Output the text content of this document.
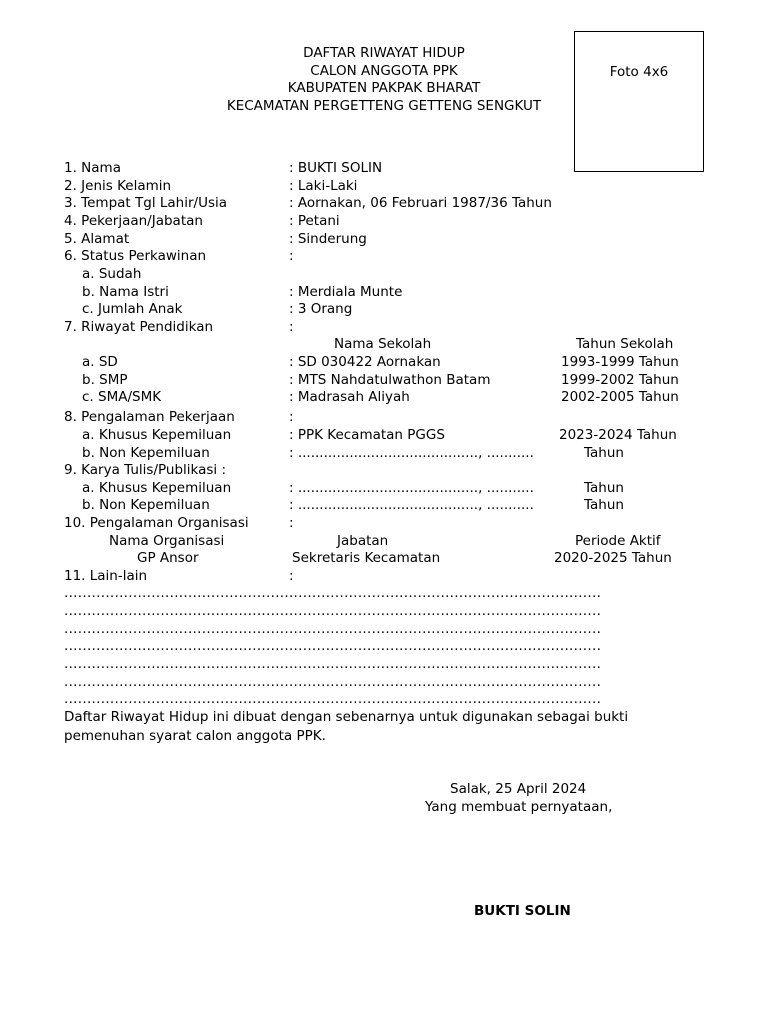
DAFTAR RIWAYAT HIDUP
CALON ANGGOTA PPK
KABUPATEN PAKPAK BHARAT
KECAMATAN PERGETTENG GETTENG SENGKUT
Foto 4x6
1. Nama	: BUKTI SOLIN
2. Jenis Kelamin	: Laki-Laki
3. Tempat Tgl Lahir/Usia	: Aornakan, 06 Februari 1987/36 Tahun
4. Pekerjaan/Jabatan	: Petani
5. Alamat	: Sinderung
6. Status Perkawinan	:
a. Sudah
b. Nama Istri	: Merdiala Munte
c. Jumlah Anak	: 3 Orang
7. Riwayat Pendidikan	:
Nama Sekolah	Tahun Sekolah
a. SD	: SD 030422 Aornakan	1993-1999 Tahun
b. SMP	: MTS Nahdatulwathon Batam	1999-2002 Tahun
c. SMA/SMK	: Madrasah Aliyah	2002-2005 Tahun
8. Pengalaman Pekerjaan	:
a. Khusus Kepemiluan	: PPK Kecamatan PGGS	2023-2024 Tahun
b. Non Kepemiluan	: .........................................., ...........	Tahun
9. Karya Tulis/Publikasi :
a. Khusus Kepemiluan	: .........................................., ...........	Tahun
b. Non Kepemiluan	: .........................................., ...........	Tahun
10. Pengalaman Organisasi	:
Nama Organisasi	Jabatan	Periode Aktif
GP Ansor	Sekretaris Kecamatan	2020-2025 Tahun
11. Lain-lain	:
.....................................................................................................................
.....................................................................................................................
.....................................................................................................................
.....................................................................................................................
.....................................................................................................................
.....................................................................................................................
.....................................................................................................................
Daftar Riwayat Hidup ini dibuat dengan sebenarnya untuk digunakan sebagai bukti
pemenuhan syarat calon anggota PPK.
Salak, 25 April 2024
Yang membuat pernyataan,
BUKTI SOLIN
